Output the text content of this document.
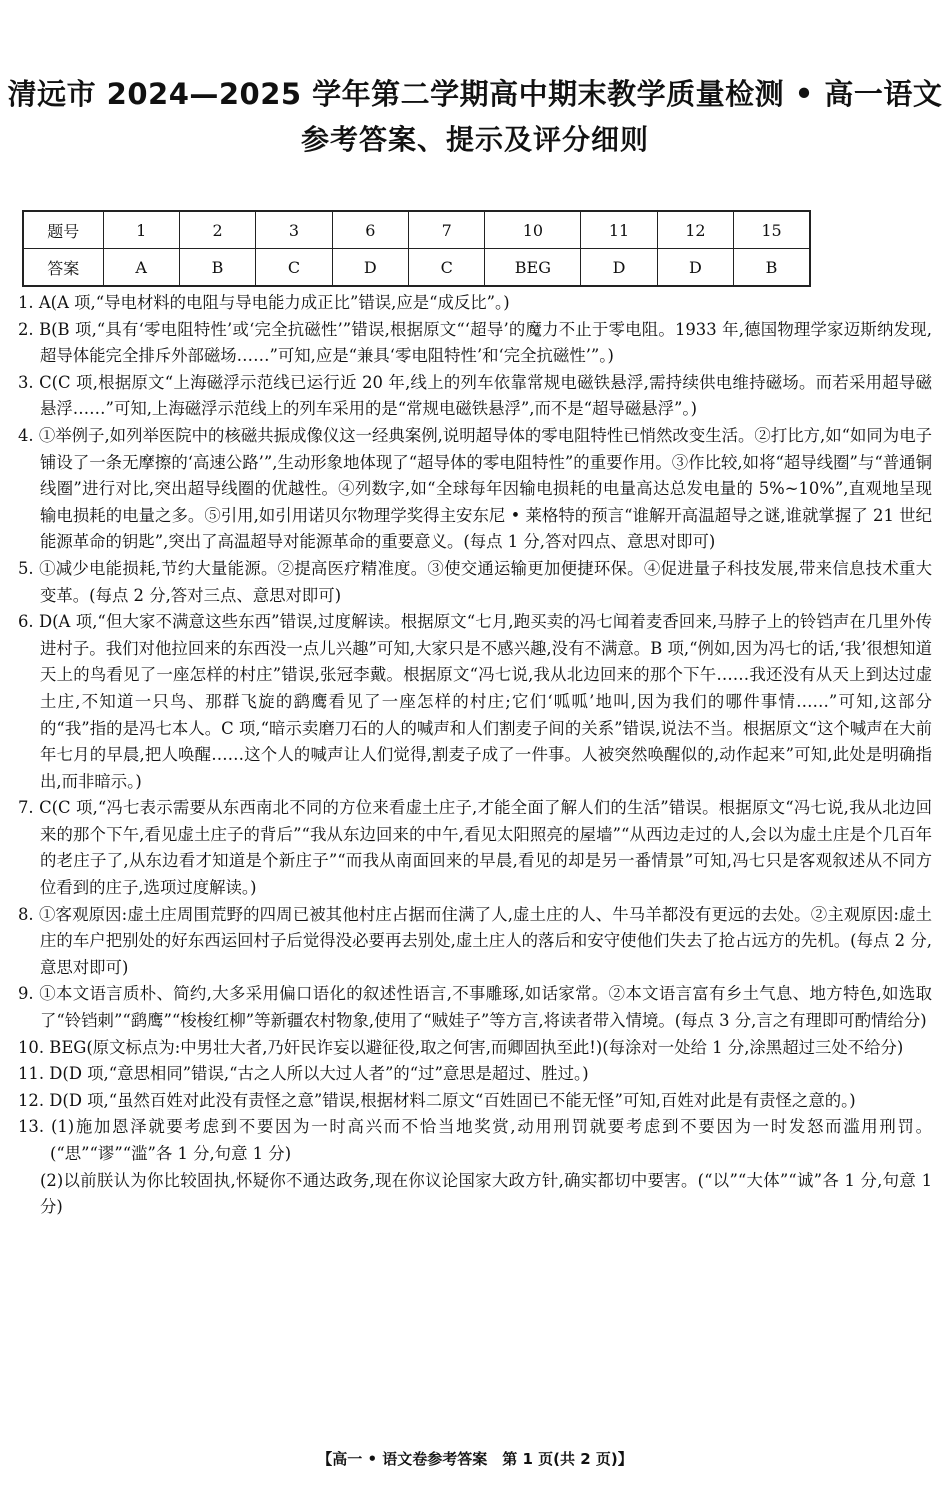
清远市 2024—2025 学年第二学期高中期末教学质量检测 • 高一语文
参考答案、提示及评分细则
题号	1	2	3	6	7	10	11	12	15
答案	A	B	C	D	C	BEG	D	D	B
1. A(A 项,“导电材料的电阻与导电能力成正比”错误,应是“成反比”。)
2. B(B 项,“具有‘零电阻特性’或‘完全抗磁性’”错误,根据原文“‘超导’的魔力不止于零电阻。1933 年,德国物理学家迈斯纳发现,超导体能完全排斥外部磁场……”可知,应是“兼具‘零电阻特性’和‘完全抗磁性’”。)
3. C(C 项,根据原文“上海磁浮示范线已运行近 20 年,线上的列车依靠常规电磁铁悬浮,需持续供电维持磁场。而若采用超导磁悬浮……”可知,上海磁浮示范线上的列车采用的是“常规电磁铁悬浮”,而不是“超导磁悬浮”。)
4. ①举例子,如列举医院中的核磁共振成像仪这一经典案例,说明超导体的零电阻特性已悄然改变生活。②打比方,如“如同为电子铺设了一条无摩擦的‘高速公路’”,生动形象地体现了“超导体的零电阻特性”的重要作用。③作比较,如将“超导线圈”与“普通铜线圈”进行对比,突出超导线圈的优越性。④列数字,如“全球每年因输电损耗的电量高达总发电量的 5%~10%”,直观地呈现输电损耗的电量之多。⑤引用,如引用诺贝尔物理学奖得主安东尼 • 莱格特的预言“谁解开高温超导之谜,谁就掌握了 21 世纪能源革命的钥匙”,突出了高温超导对能源革命的重要意义。(每点 1 分,答对四点、意思对即可)
5. ①减少电能损耗,节约大量能源。②提高医疗精准度。③使交通运输更加便捷环保。④促进量子科技发展,带来信息技术重大变革。(每点 2 分,答对三点、意思对即可)
6. D(A 项,“但大家不满意这些东西”错误,过度解读。根据原文“七月,跑买卖的冯七闻着麦香回来,马脖子上的铃铛声在几里外传进村子。我们对他拉回来的东西没一点儿兴趣”可知,大家只是不感兴趣,没有不满意。B 项,“例如,因为冯七的话,‘我’很想知道天上的鸟看见了一座怎样的村庄”错误,张冠李戴。根据原文“冯七说,我从北边回来的那个下午……我还没有从天上到达过虚土庄,不知道一只鸟、那群飞旋的鹞鹰看见了一座怎样的村庄;它们‘呱呱’地叫,因为我们的哪件事情……”可知,这部分的“我”指的是冯七本人。C 项,“暗示卖磨刀石的人的喊声和人们割麦子间的关系”错误,说法不当。根据原文“这个喊声在大前年七月的早晨,把人唤醒……这个人的喊声让人们觉得,割麦子成了一件事。人被突然唤醒似的,动作起来”可知,此处是明确指出,而非暗示。)
7. C(C 项,“冯七表示需要从东西南北不同的方位来看虚土庄子,才能全面了解人们的生活”错误。根据原文“冯七说,我从北边回来的那个下午,看见虚土庄子的背后”“我从东边回来的中午,看见太阳照亮的屋墙”“从西边走过的人,会以为虚土庄是个几百年的老庄子了,从东边看才知道是个新庄子”“而我从南面回来的早晨,看见的却是另一番情景”可知,冯七只是客观叙述从不同方位看到的庄子,选项过度解读。)
8. ①客观原因:虚土庄周围荒野的四周已被其他村庄占据而住满了人,虚土庄的人、牛马羊都没有更远的去处。②主观原因:虚土庄的车户把别处的好东西运回村子后觉得没必要再去别处,虚土庄人的落后和安守使他们失去了抢占远方的先机。(每点 2 分,意思对即可)
9. ①本文语言质朴、简约,大多采用偏口语化的叙述性语言,不事雕琢,如话家常。②本文语言富有乡土气息、地方特色,如选取了“铃铛刺”“鹞鹰”“梭梭红柳”等新疆农村物象,使用了“贼娃子”等方言,将读者带入情境。(每点 3 分,言之有理即可酌情给分)
10. BEG(原文标点为:中男壮大者,乃奸民诈妄以避征役,取之何害,而卿固执至此!)(每涂对一处给 1 分,涂黑超过三处不给分)
11. D(D 项,“意思相同”错误,“古之人所以大过人者”的“过”意思是超过、胜过。)
12. D(D 项,“虽然百姓对此没有责怪之意”错误,根据材料二原文“百姓固已不能无怪”可知,百姓对此是有责怪之意的。)
13. (1)施加恩泽就要考虑到不要因为一时高兴而不恰当地奖赏,动用刑罚就要考虑到不要因为一时发怒而滥用刑罚。(“思”“谬”“滥”各 1 分,句意 1 分)
(2)以前朕认为你比较固执,怀疑你不通达政务,现在你议论国家大政方针,确实都切中要害。(“以”“大体”“诚”各 1 分,句意 1 分)
【高一 • 语文卷参考答案　第 1 页(共 2 页)】
